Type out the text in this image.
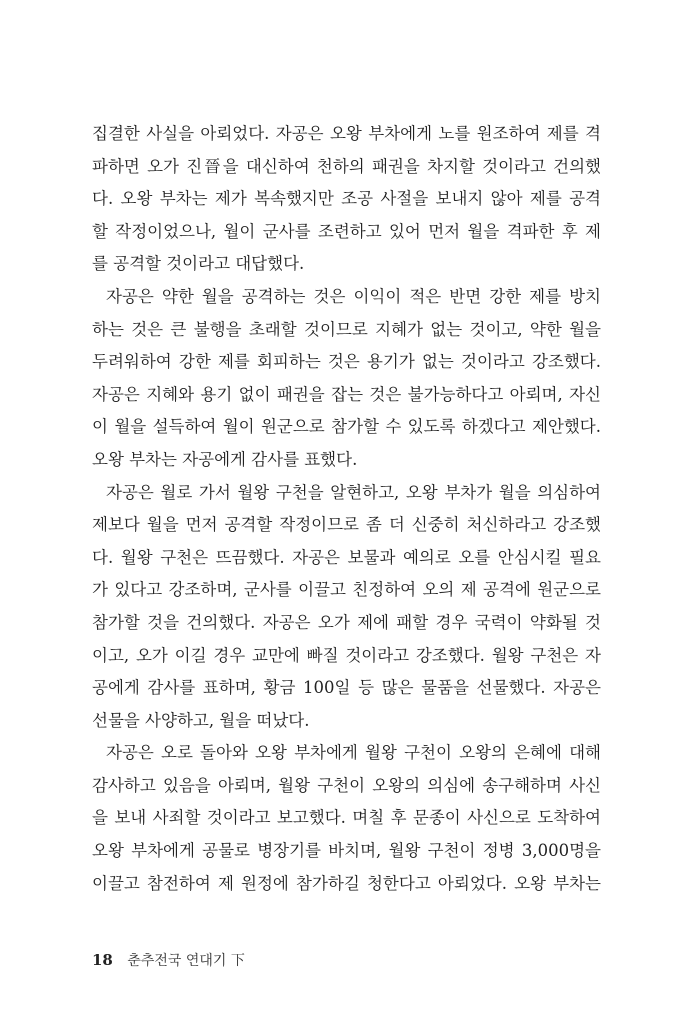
집결한 사실을 아뢰었다. 자공은 오왕 부차에게 노를 원조하여 제를 격
파하면 오가 진晉을 대신하여 천하의 패권을 차지할 것이라고 건의했
다. 오왕 부차는 제가 복속했지만 조공 사절을 보내지 않아 제를 공격
할 작정이었으나, 월이 군사를 조련하고 있어 먼저 월을 격파한 후 제
를 공격할 것이라고 대답했다.
자공은 약한 월을 공격하는 것은 이익이 적은 반면 강한 제를 방치
하는 것은 큰 불행을 초래할 것이므로 지혜가 없는 것이고, 약한 월을
두려워하여 강한 제를 회피하는 것은 용기가 없는 것이라고 강조했다.
자공은 지혜와 용기 없이 패권을 잡는 것은 불가능하다고 아뢰며, 자신
이 월을 설득하여 월이 원군으로 참가할 수 있도록 하겠다고 제안했다.
오왕 부차는 자공에게 감사를 표했다.
자공은 월로 가서 월왕 구천을 알현하고, 오왕 부차가 월을 의심하여
제보다 월을 먼저 공격할 작정이므로 좀 더 신중히 처신하라고 강조했
다. 월왕 구천은 뜨끔했다. 자공은 보물과 예의로 오를 안심시킬 필요
가 있다고 강조하며, 군사를 이끌고 친정하여 오의 제 공격에 원군으로
참가할 것을 건의했다. 자공은 오가 제에 패할 경우 국력이 약화될 것
이고, 오가 이길 경우 교만에 빠질 것이라고 강조했다. 월왕 구천은 자
공에게 감사를 표하며, 황금 100일 등 많은 물품을 선물했다. 자공은
선물을 사양하고, 월을 떠났다.
자공은 오로 돌아와 오왕 부차에게 월왕 구천이 오왕의 은혜에 대해
감사하고 있음을 아뢰며, 월왕 구천이 오왕의 의심에 송구해하며 사신
을 보내 사죄할 것이라고 보고했다. 며칠 후 문종이 사신으로 도착하여
오왕 부차에게 공물로 병장기를 바치며, 월왕 구천이 정병 3,000명을
이끌고 참전하여 제 원정에 참가하길 청한다고 아뢰었다. 오왕 부차는
18 춘추전국 연대기 下
